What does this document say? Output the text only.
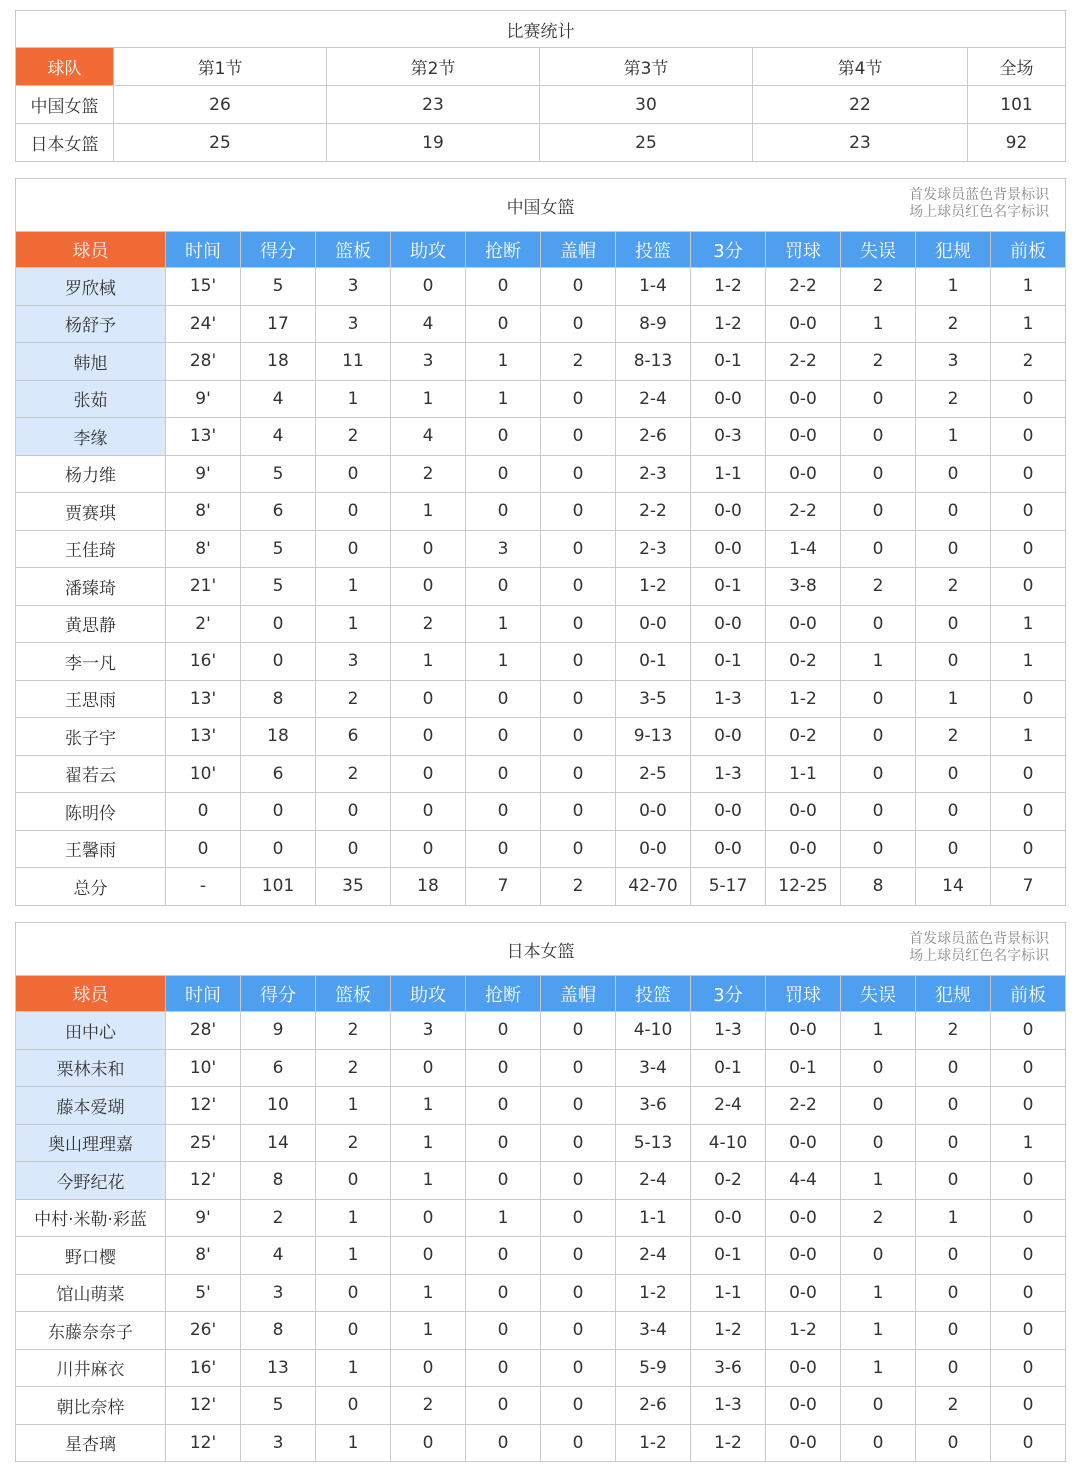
比赛统计					
球队	第1节	第2节	第3节	第4节	全场
中国女篮	26	23	30	22	101
日本女篮	25	19	25	23	92
中国女篮
首发球员蓝色背景标识
场上球员红色名字标识												

球员	时间	得分	篮板	助攻	抢断	盖帽	投篮	3分	罚球	失误	犯规	前板
罗欣棫	15'	5	3	0	0	0	1-4	1-2	2-2	2	1	1
杨舒予	24'	17	3	4	0	0	8-9	1-2	0-0	1	2	1
韩旭	28'	18	11	3	1	2	8-13	0-1	2-2	2	3	2
张茹	9'	4	1	1	1	0	2-4	0-0	0-0	0	2	0
李缘	13'	4	2	4	0	0	2-6	0-3	0-0	0	1	0
杨力维	9'	5	0	2	0	0	2-3	1-1	0-0	0	0	0
贾赛琪	8'	6	0	1	0	0	2-2	0-0	2-2	0	0	0
王佳琦	8'	5	0	0	3	0	2-3	0-0	1-4	0	0	0
潘臻琦	21'	5	1	0	0	0	1-2	0-1	3-8	2	2	0
黄思静	2'	0	1	2	1	0	0-0	0-0	0-0	0	0	1
李一凡	16'	0	3	1	1	0	0-1	0-1	0-2	1	0	1
王思雨	13'	8	2	0	0	0	3-5	1-3	1-2	0	1	0
张子宇	13'	18	6	0	0	0	9-13	0-0	0-2	0	2	1
翟若云	10'	6	2	0	0	0	2-5	1-3	1-1	0	0	0
陈明伶	0	0	0	0	0	0	0-0	0-0	0-0	0	0	0
王馨雨	0	0	0	0	0	0	0-0	0-0	0-0	0	0	0
总分	-	101	35	18	7	2	42-70	5-17	12-25	8	14	7
日本女篮
首发球员蓝色背景标识
场上球员红色名字标识												

球员	时间	得分	篮板	助攻	抢断	盖帽	投篮	3分	罚球	失误	犯规	前板
田中心	28'	9	2	3	0	0	4-10	1-3	0-0	1	2	0
栗林未和	10'	6	2	0	0	0	3-4	0-1	0-1	0	0	0
藤本爱瑚	12'	10	1	1	0	0	3-6	2-4	2-2	0	0	0
奥山理理嘉	25'	14	2	1	0	0	5-13	4-10	0-0	0	0	1
今野纪花	12'	8	0	1	0	0	2-4	0-2	4-4	1	0	0
中村·米勒·彩蓝	9'	2	1	0	1	0	1-1	0-0	0-0	2	1	0
野口樱	8'	4	1	0	0	0	2-4	0-1	0-0	0	0	0
馆山萌菜	5'	3	0	1	0	0	1-2	1-1	0-0	1	0	0
东藤奈奈子	26'	8	0	1	0	0	3-4	1-2	1-2	1	0	0
川井麻衣	16'	13	1	0	0	0	5-9	3-6	0-0	1	0	0
朝比奈梓	12'	5	0	2	0	0	2-6	1-3	0-0	0	2	0
星杏璃	12'	3	1	0	0	0	1-2	1-2	0-0	0	0	0
